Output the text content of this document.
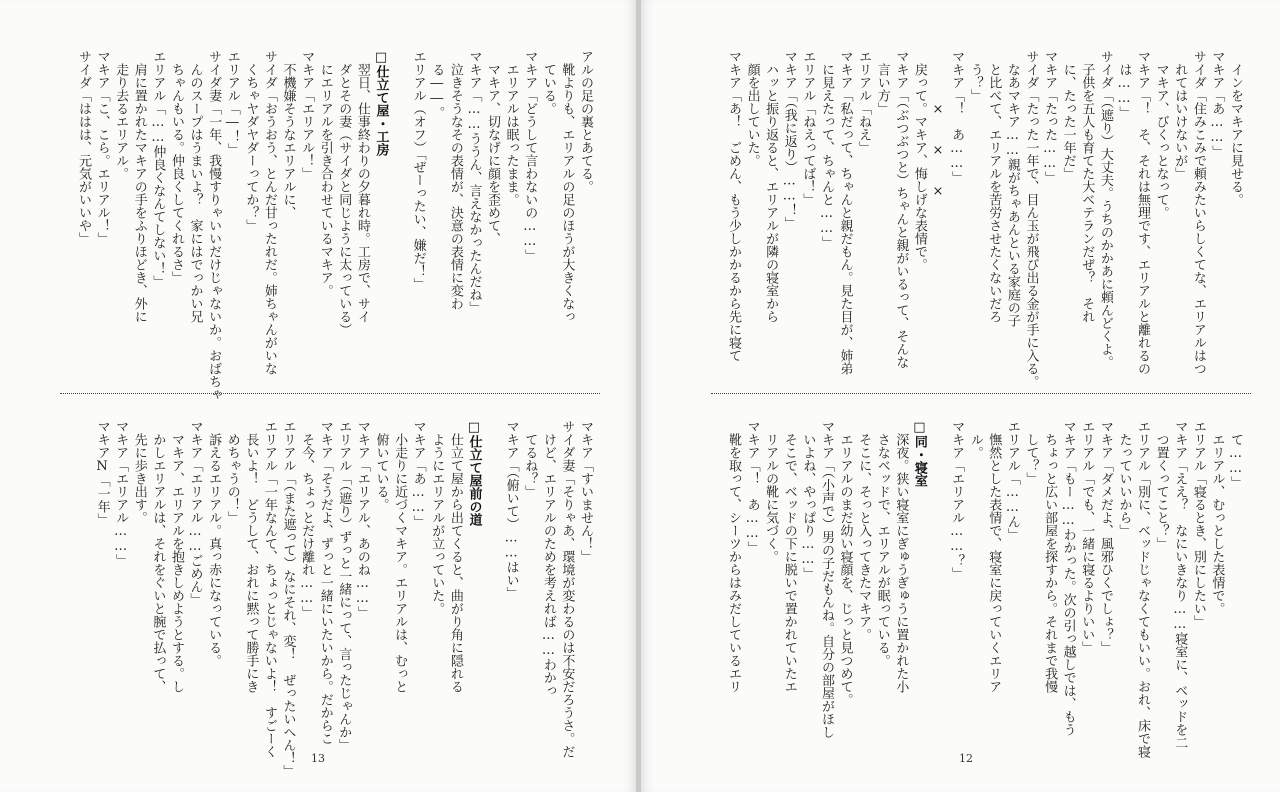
アルの足の裏とあてる。
　靴よりも、エリアルの足のほうが大きくなっ
　ている。
マキア「どうして言わないの……」
　エリアルは眠ったまま。
　マキア、切なげに顔を歪めて、
マキア「……ううん、言えなかったんだね」
　泣きそうなその表情が、決意の表情に変わ
　る――。
エリアル（オフ）「ぜーったい、嫌だ！」
□仕立て屋・工房
　翌日、仕事終わりの夕暮れ時。工房で、サイ
　ダとその妻（サイダと同じように太っている）
　にエリアルを引き合わせているマキア。
マキア「エリアル！」
　不機嫌そうなエリアルに、
サイダ「おうおう、とんだ甘ったれだ。姉ちゃんがいな
　くちゃヤダヤダーってか？」
エリアル「―！」
サイダ妻「一年、我慢すりゃいいだけじゃないか。おばちゃ
　んのスープはうまいよ？　家にはでっかい兄
　ちゃんもいる。仲良くしてくれるさ」
エリアル「……仲良くなんてしない！」
　肩に置かれたマキアの手をふりほどき、外に
　走り去るエリアル。
マキア「こ、こら。エリアル！」
サイダ「ははは、元気がいいや」
マキア「すいません！」
サイダ妻「そりゃあ、環境が変わるのは不安だろうさ。だ
　けど、エリアルのためを考えれば……わかっ
　てるね？」
マキア「（俯いて）……はい」
□仕立て屋前の道
　仕立て屋から出てくると、曲がり角に隠れる
　ようにエリアルが立っていた。
マキア「あ……」
　小走りに近づくマキア。エリアルは、むっと
　俯いている。
マキア「エリアル、あのね……」
エリアル「（遮り）ずっと一緒にって、言ったじゃんか」
マキア「そうだよ、ずっと一緒にいたいから。だからこ
　そ今、ちょっとだけ離れ……」
エリアル「（また遮って）なにそれ、変！　ぜったいへん！」
エリアル「一年なんて、ちょっとじゃないよ！　すごーく
　長いよ！　どうして、おれに黙って勝手にき
　めちゃうの！」
　訴えるエリアル。真っ赤になっている。
マキア「エリアル……ごめん」
　マキア、エリアルを抱きしめようとする。し
　かしエリアルは、それをぐいと腕で払って、
　先に歩き出す。
マキア「エリアル……」
マキアN「一年」
13
　インをマキアに見せる。
マキア「あ……」
サイダ「住みこみで頼みたいらしくてな、エリアルはつ
　れてはいけないが」
　マキア、びくっとなって。
マキア「！　そ、それは無理です、エリアルと離れるの
　は……」
サイダ「（遮り）大丈夫。うちのかかあに頼んどくよ。
　子供を五人も育てた大ベテランだぜ？　それ
　に、たった一年だ」
マキア「たった……」
サイダ「たった一年で、目ん玉が飛び出る金が手に入る。
　なあマキア……親がちゃあんといる家庭の子
　と比べて、エリアルを苦労させたくないだろ
　う？」
マキア「！　あ……」
　　　　×　　×　　×
　戻って。マキア、悔しげな表情で。
マキア「（ぶつぶつと）ちゃんと親がいるって、そんな
　言い方」
エリアル「ねえ」
マキア「私だって、ちゃんと親だもん。見た目が、姉弟
　に見えたって、ちゃんと……」
エリアル「ねえってば！」
マキア「（我に返り）……！」
　ハッと振り返ると、エリアルが隣の寝室から
　顔を出していた。
マキア「あ！　ごめん、もう少しかかるから先に寝て
　て……」
　エリアル、むっとした表情で。
エリアル「寝るとき、別にしたい」
マキア「ええ？　なにいきなり……寝室に、ベッドを二
　つ置くってこと？」
エリアル「別に、ベッドじゃなくてもいい。おれ、床で寝
　たっていいから」
マキア「ダメだよ、風邪ひくでしょ？」
エリアル「でも、一緒に寝るよりいい」
マキア「もー……わかった。次の引っ越しでは、もう
　ちょっと広い部屋を探すから。それまで我慢
　して？」
エリアル「……ん」
　憮然とした表情で、寝室に戻っていくエリア
　ル。
マキア「エリアル……？」
□同・寝室
　深夜。狭い寝室にぎゅうぎゅうに置かれた小
　さなベッドで、エリアルが眠っている。
　そこに、そっと入ってきたマキア。
　エリアルのまだ幼い寝顔を、じっと見つめて。
マキア「（小声で）男の子だもんね。自分の部屋がほし
　いよね、やっぱり……」
　そこで、ベッドの下に脱いで置かれていたエ
　リアルの靴に気づく。
マキア「！　あ……」
　靴を取って、シーツからはみだしているエリ
12
